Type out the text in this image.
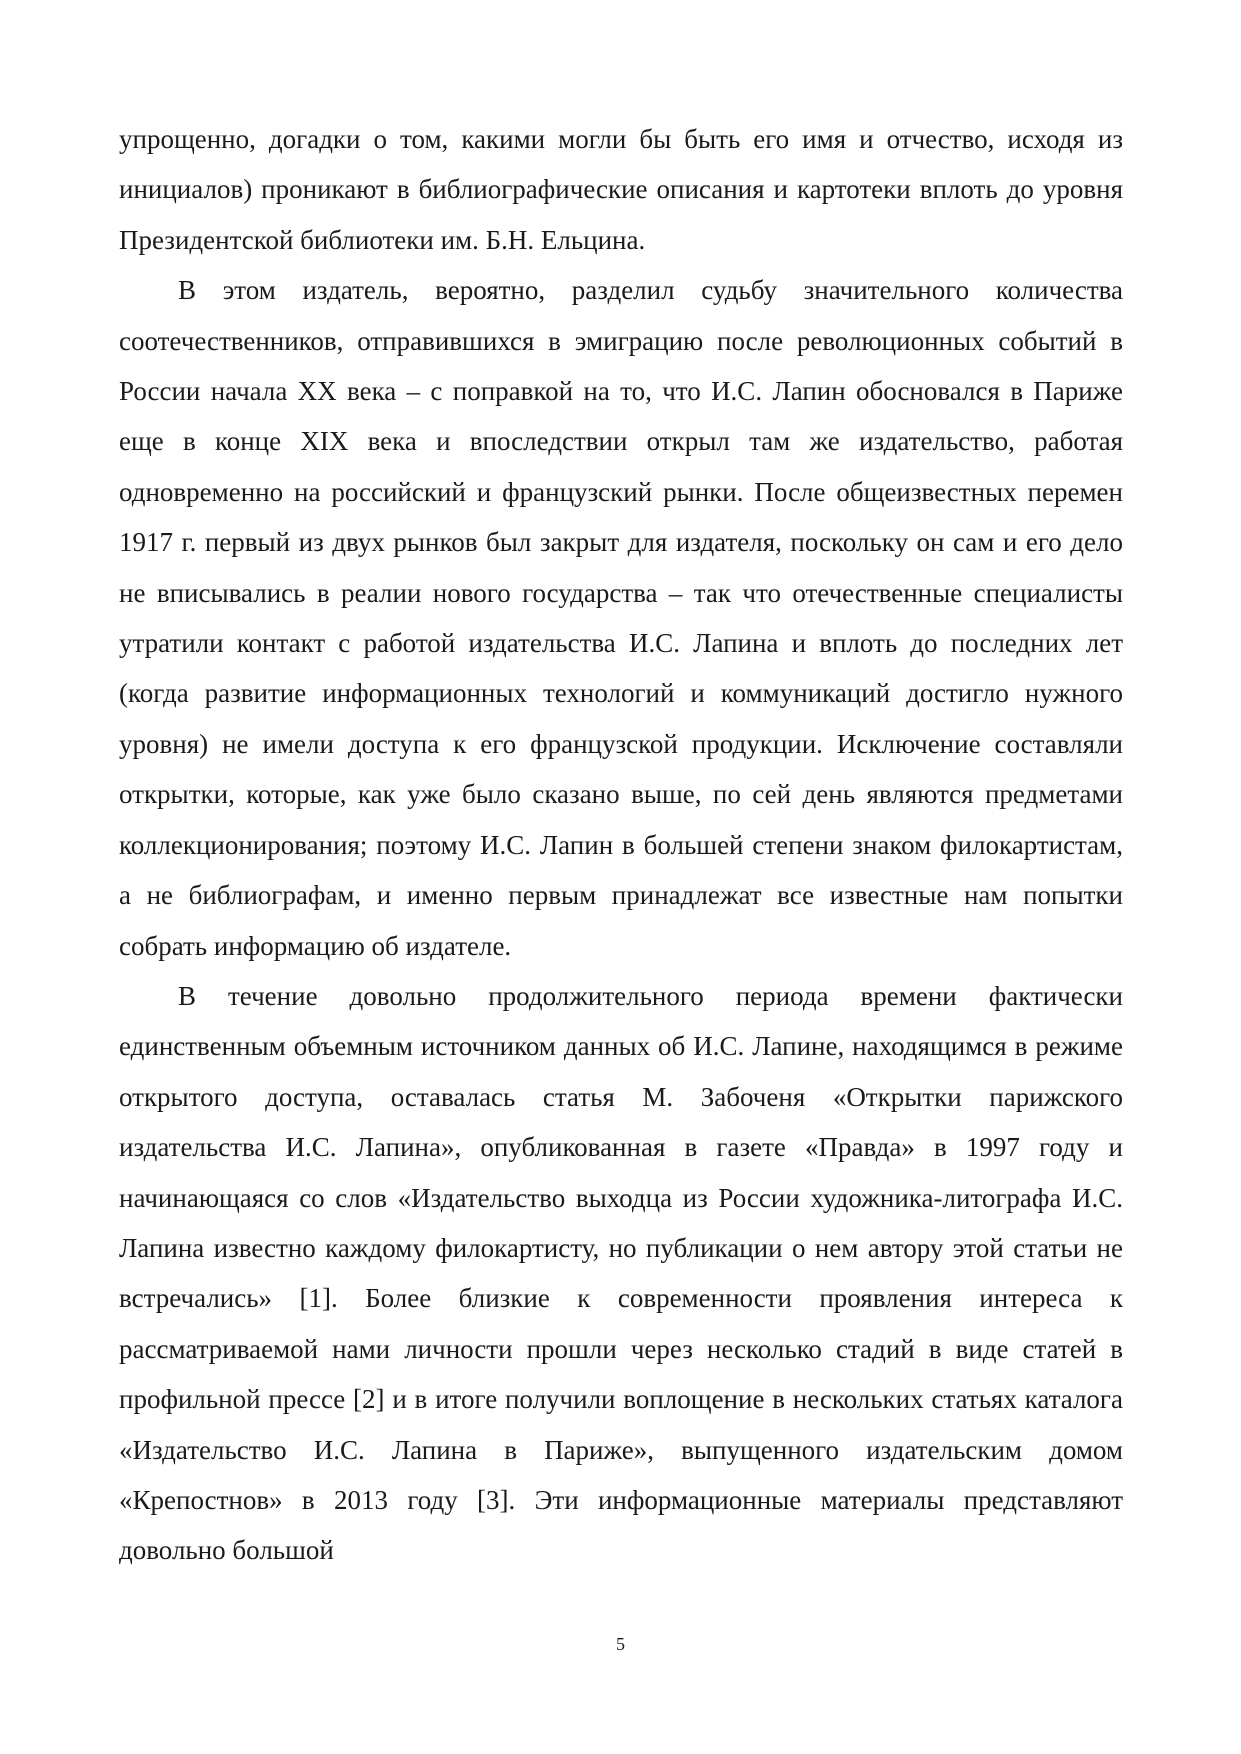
упрощенно, догадки о том, какими могли бы быть его имя и отчество, исходя из инициалов) проникают в библиографические описания и картотеки вплоть до уровня Президентской библиотеки им. Б.Н. Ельцина.

В этом издатель, вероятно, разделил судьбу значительного количества соотечественников, отправившихся в эмиграцию после революционных событий в России начала XX века – с поправкой на то, что И.С. Лапин обосновался в Париже еще в конце XIX века и впоследствии открыл там же издательство, работая одновременно на российский и французский рынки. После общеизвестных перемен 1917 г. первый из двух рынков был закрыт для издателя, поскольку он сам и его дело не вписывались в реалии нового государства – так что отечественные специалисты утратили контакт с работой издательства И.С. Лапина и вплоть до последних лет (когда развитие информационных технологий и коммуникаций достигло нужного уровня) не имели доступа к его французской продукции. Исключение составляли открытки, которые, как уже было сказано выше, по сей день являются предметами коллекционирования; поэтому И.С. Лапин в большей степени знаком филокартистам, а не библиографам, и именно первым принадлежат все известные нам попытки собрать информацию об издателе.

В течение довольно продолжительного периода времени фактически единственным объемным источником данных об И.С. Лапине, находящимся в режиме открытого доступа, оставалась статья М. Забоченя «Открытки парижского издательства И.С. Лапина», опубликованная в газете «Правда» в 1997 году и начинающаяся со слов «Издательство выходца из России художника-литографа И.С. Лапина известно каждому филокартисту, но публикации о нем автору этой статьи не встречались» [1]. Более близкие к современности проявления интереса к рассматриваемой нами личности прошли через несколько стадий в виде статей в профильной прессе [2] и в итоге получили воплощение в нескольких статьях каталога «Издательство И.С. Лапина в Париже», выпущенного издательским домом «Крепостнов» в 2013 году [3]. Эти информационные материалы представляют довольно большой

5
